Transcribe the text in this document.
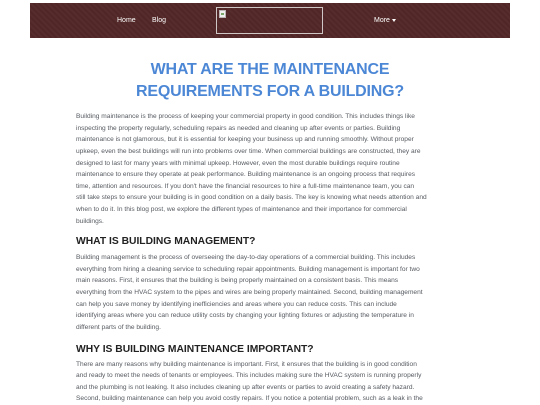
Home Blog	More
WHAT ARE THE MAINTENANCE
REQUIREMENTS FOR A BUILDING?
Building maintenance is the process of keeping your commercial property in good condition. This includes things like
inspecting the property regularly, scheduling repairs as needed and cleaning up after events or parties. Building
maintenance is not glamorous, but it is essential for keeping your business up and running smoothly. Without proper
upkeep, even the best buildings will run into problems over time. When commercial buildings are constructed, they are
designed to last for many years with minimal upkeep. However, even the most durable buildings require routine
maintenance to ensure they operate at peak performance. Building maintenance is an ongoing process that requires
time, attention and resources. If you don't have the financial resources to hire a full-time maintenance team, you can
still take steps to ensure your building is in good condition on a daily basis. The key is knowing what needs attention and
when to do it. In this blog post, we explore the different types of maintenance and their importance for commercial
buildings.
WHAT IS BUILDING MANAGEMENT?
Building management is the process of overseeing the day-to-day operations of a commercial building. This includes
everything from hiring a cleaning service to scheduling repair appointments. Building management is important for two
main reasons. First, it ensures that the building is being properly maintained on a consistent basis. This means
everything from the HVAC system to the pipes and wires are being properly maintained. Second, building management
can help you save money by identifying inefficiencies and areas where you can reduce costs. This can include
identifying areas where you can reduce utility costs by changing your lighting fixtures or adjusting the temperature in
different parts of the building.
WHY IS BUILDING MAINTENANCE IMPORTANT?
There are many reasons why building maintenance is important. First, it ensures that the building is in good condition
and ready to meet the needs of tenants or employees. This includes making sure the HVAC system is running properly
and the plumbing is not leaking. It also includes cleaning up after events or parties to avoid creating a safety hazard.
Second, building maintenance can help you avoid costly repairs. If you notice a potential problem, such as a leak in the
